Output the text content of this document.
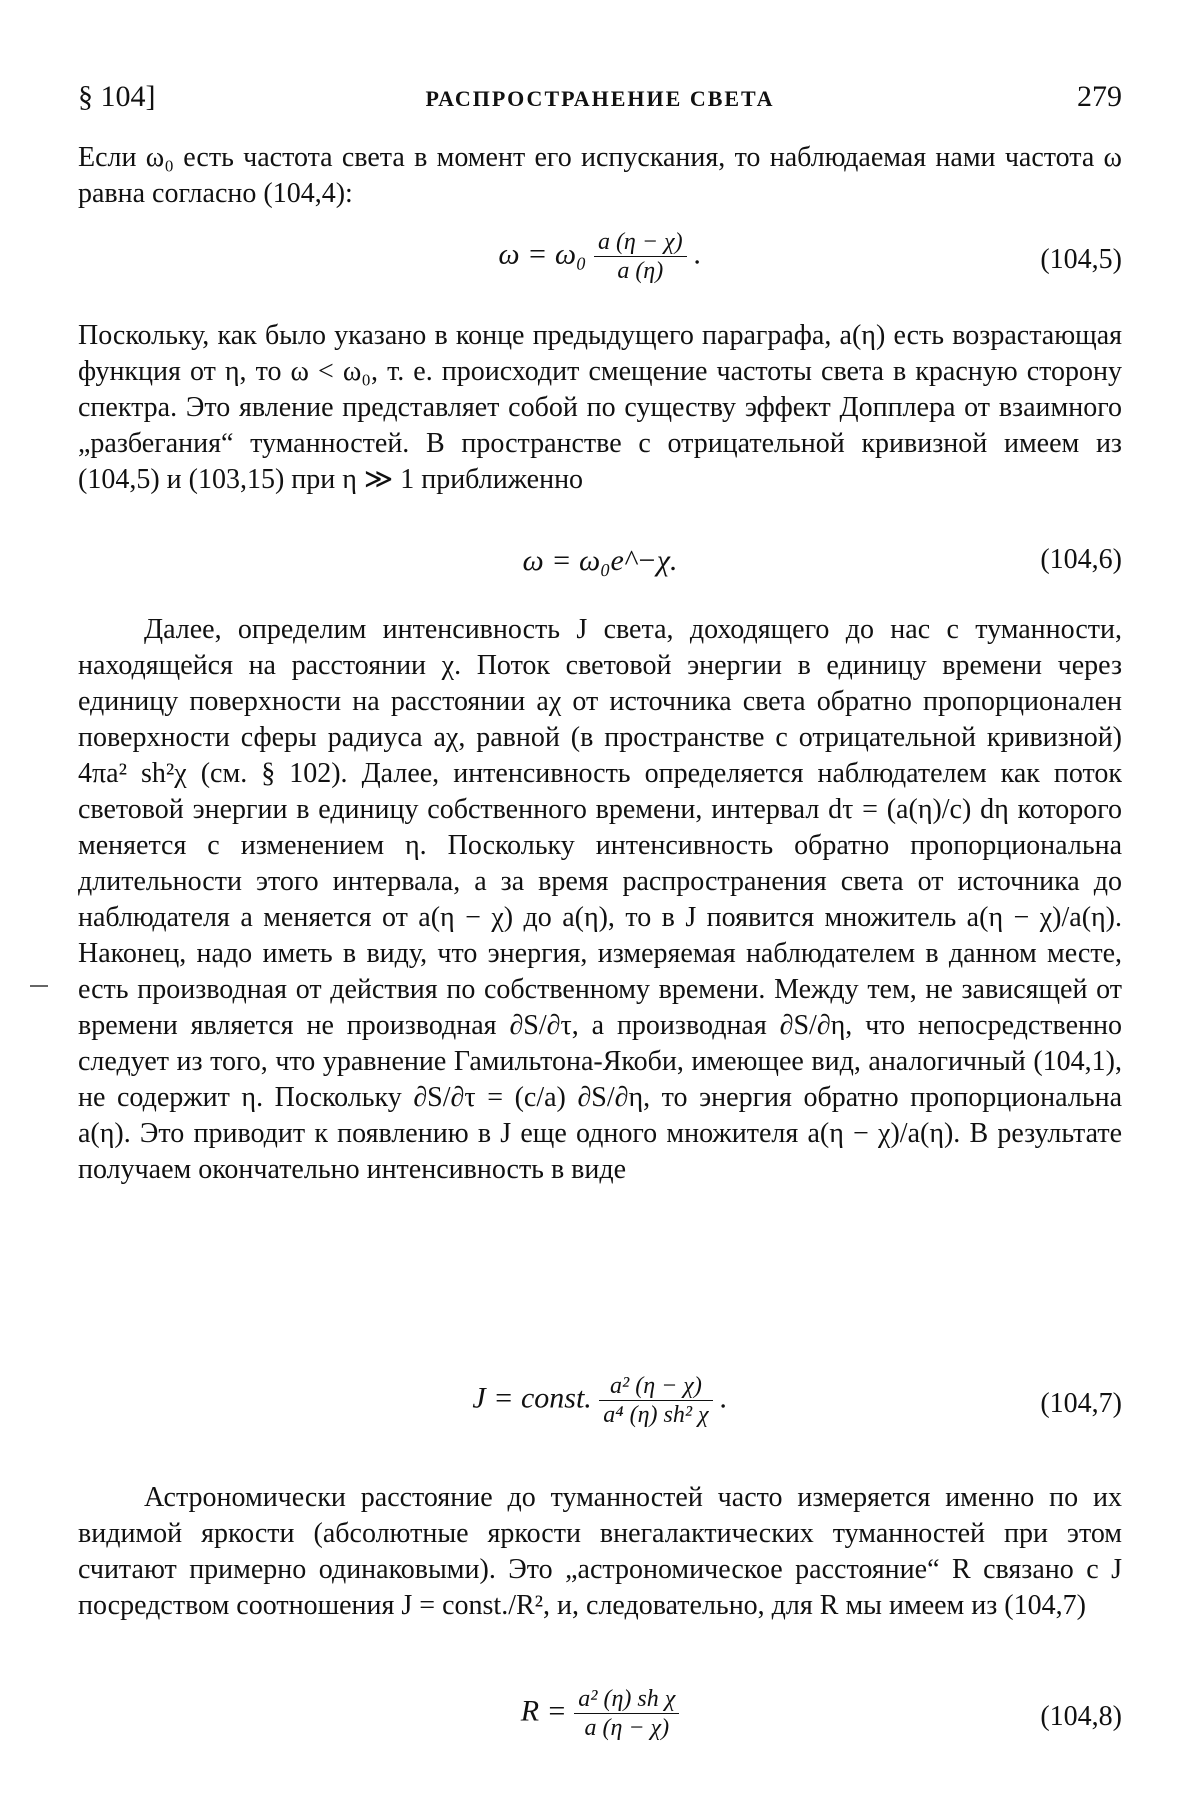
§ 104]	РАСПРОСТРАНЕНИЕ СВЕТА	279
Если ω₀ есть частота света в момент его испускания, то наблюдаемая нами частота ω равна согласно (104,4):
$\omega = \omega_0 \frac{a (\eta - \chi)}{a (\eta)}$ .	(104,5)
Поскольку, как было указано в конце предыдущего параграфа, a(η) есть возрастающая функция от η, то ω < ω₀, т. е. происходит смещение частоты света в красную сторону спектра. Это явление представляет собой по существу эффект Допплера от взаимного „разбегания“ туманностей. В пространстве с отрицательной кривизной имеем из (104,5) и (103,15) при η ≫ 1 приближенно
ω = ω₀e^−χ.	(104,6)
Далее, определим интенсивность J света, доходящего до нас с туманности, находящейся на расстоянии χ. Поток световой энергии в единицу времени через единицу поверхности на расстоянии aχ от источника света обратно пропорционален поверхности сферы радиуса aχ, равной (в пространстве с отрицательной кривизной) 4πa² sh²χ (см. § 102). Далее, интенсивность определяется наблюдателем как поток световой энергии в единицу собственного времени, интервал dτ = (a(η)/c) dη которого меняется с изменением η. Поскольку интенсивность обратно пропорциональна длительности этого интервала, а за время распространения света от источника до наблюдателя a меняется от a(η − χ) до a(η), то в J появится множитель a(η − χ)/a(η). Наконец, надо иметь в виду, что энергия, измеряемая наблюдателем в данном месте, есть производная от действия по собственному времени. Между тем, не зависящей от времени является не производная ∂S/∂τ, а производная ∂S/∂η, что непосредственно следует из того, что уравнение Гамильтона-Якоби, имеющее вид, аналогичный (104,1), не содержит η. Поскольку ∂S/∂τ = (c/a) ∂S/∂η, то энергия обратно пропорциональна a(η). Это приводит к появлению в J еще одного множителя a(η − χ)/a(η). В результате получаем окончательно интенсивность в виде
J = const. $\frac{\text{a² (η − χ)}}{\text{a⁴ (η) sh² χ}}$ .	(104,7)
Астрономически расстояние до туманностей часто измеряется именно по их видимой яркости (абсолютные яркости внегалактических туманностей при этом считают примерно одинаковыми). Это „астрономическое расстояние“ R связано с J посредством соотношения J = const./R², и, следовательно, для R мы имеем из (104,7)
$R = \frac{\text{a² (η) sh χ}}{a (\eta - \chi)}$	(104,8)
